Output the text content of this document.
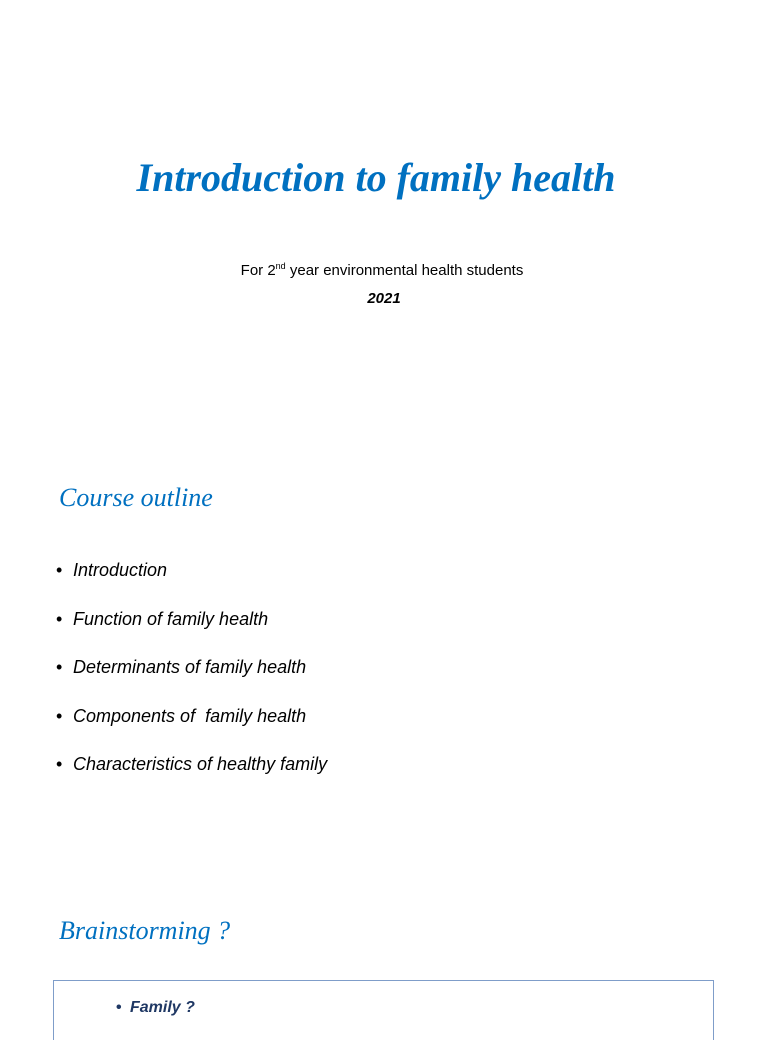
Introduction to family health

For 2nd year environmental health students

2021

Course outline
• Introduction
• Function of family health
• Determinants of family health
• Components of  family health
• Characteristics of healthy family
Brainstorming ?
• Family ?
